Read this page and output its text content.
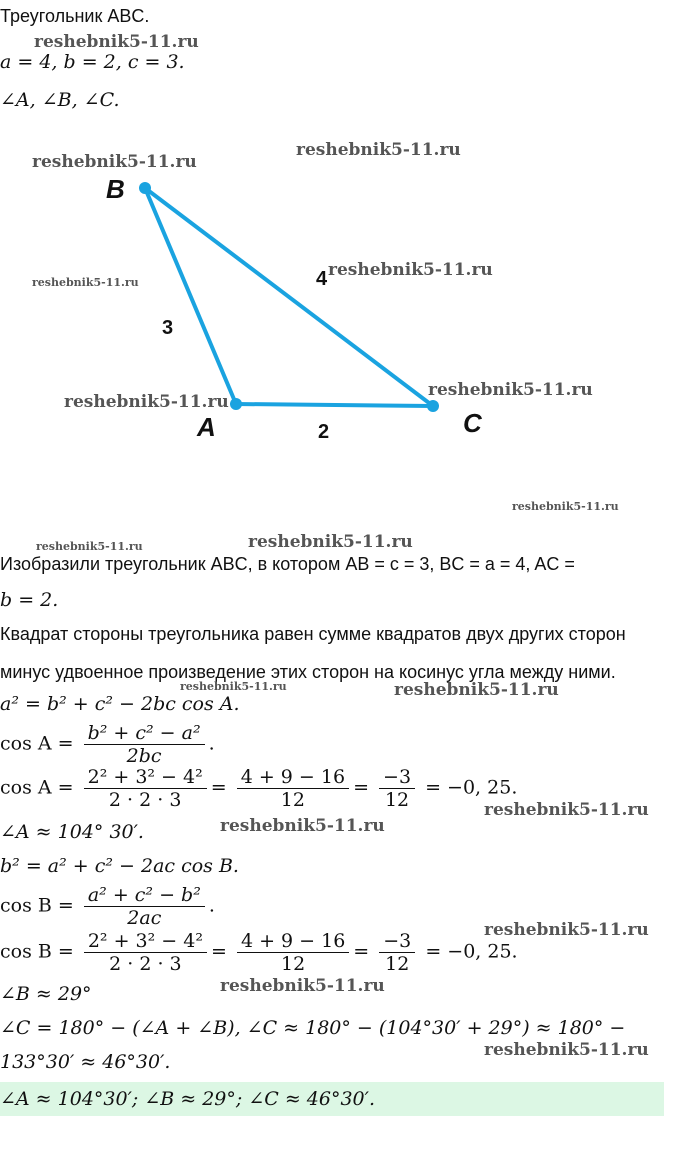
Треугольник ABC.
a = 4, b = 2, c = 3.
∠A, ∠B, ∠C.
B
A	C
3
2
4
Изобразили треугольник ABC, в котором AB = c = 3, BC = a = 4, AC =
b = 2.
Квадрат стороны треугольника равен сумме квадратов двух других сторон
минус удвоенное произведение этих сторон на косинус угла между ними.
a² = b² + c² − 2bc cos A.
$\cos A = \frac{\text{b² + c² − a²}}{2bc}$ .
$\cos A = \frac{\text{2² + 3² − 4²}}{2 \cdot 2 \cdot 3} = \frac{4 + 9 - 16}{12} = \frac{-3}{12} = -0$, 25.
∠A ≈ 104° 30′.
b² = a² + c² − 2ac cos B.
$\cos B = \frac{\text{a² + c² − b²}}{2ac}$ .
$\cos B = \frac{\text{2² + 3² − 4²}}{2 \cdot 2 \cdot 3} = \frac{4 + 9 - 16}{12} = \frac{-3}{12} = -0$, 25.
∠B ≈ 29°
∠C = 180° − (∠A + ∠B), ∠C ≈ 180° − (104°30′ + 29°) ≈ 180° −
133°30′ ≈ 46°30′.
∠A ≈ 104°30′; ∠B ≈ 29°; ∠C ≈ 46°30′.
reshebnik5-11.ru
reshebnik5-11.ru
reshebnik5-11.ru
reshebnik5-11.ru
reshebnik5-11.ru
reshebnik5-11.ru
reshebnik5-11.ru
reshebnik5-11.ru
reshebnik5-11.ru	reshebnik5-11.ru
reshebnik5-11.ru	reshebnik5-11.ru
reshebnik5-11.ru
reshebnik5-11.ru
reshebnik5-11.ru
reshebnik5-11.ru
reshebnik5-11.ru
